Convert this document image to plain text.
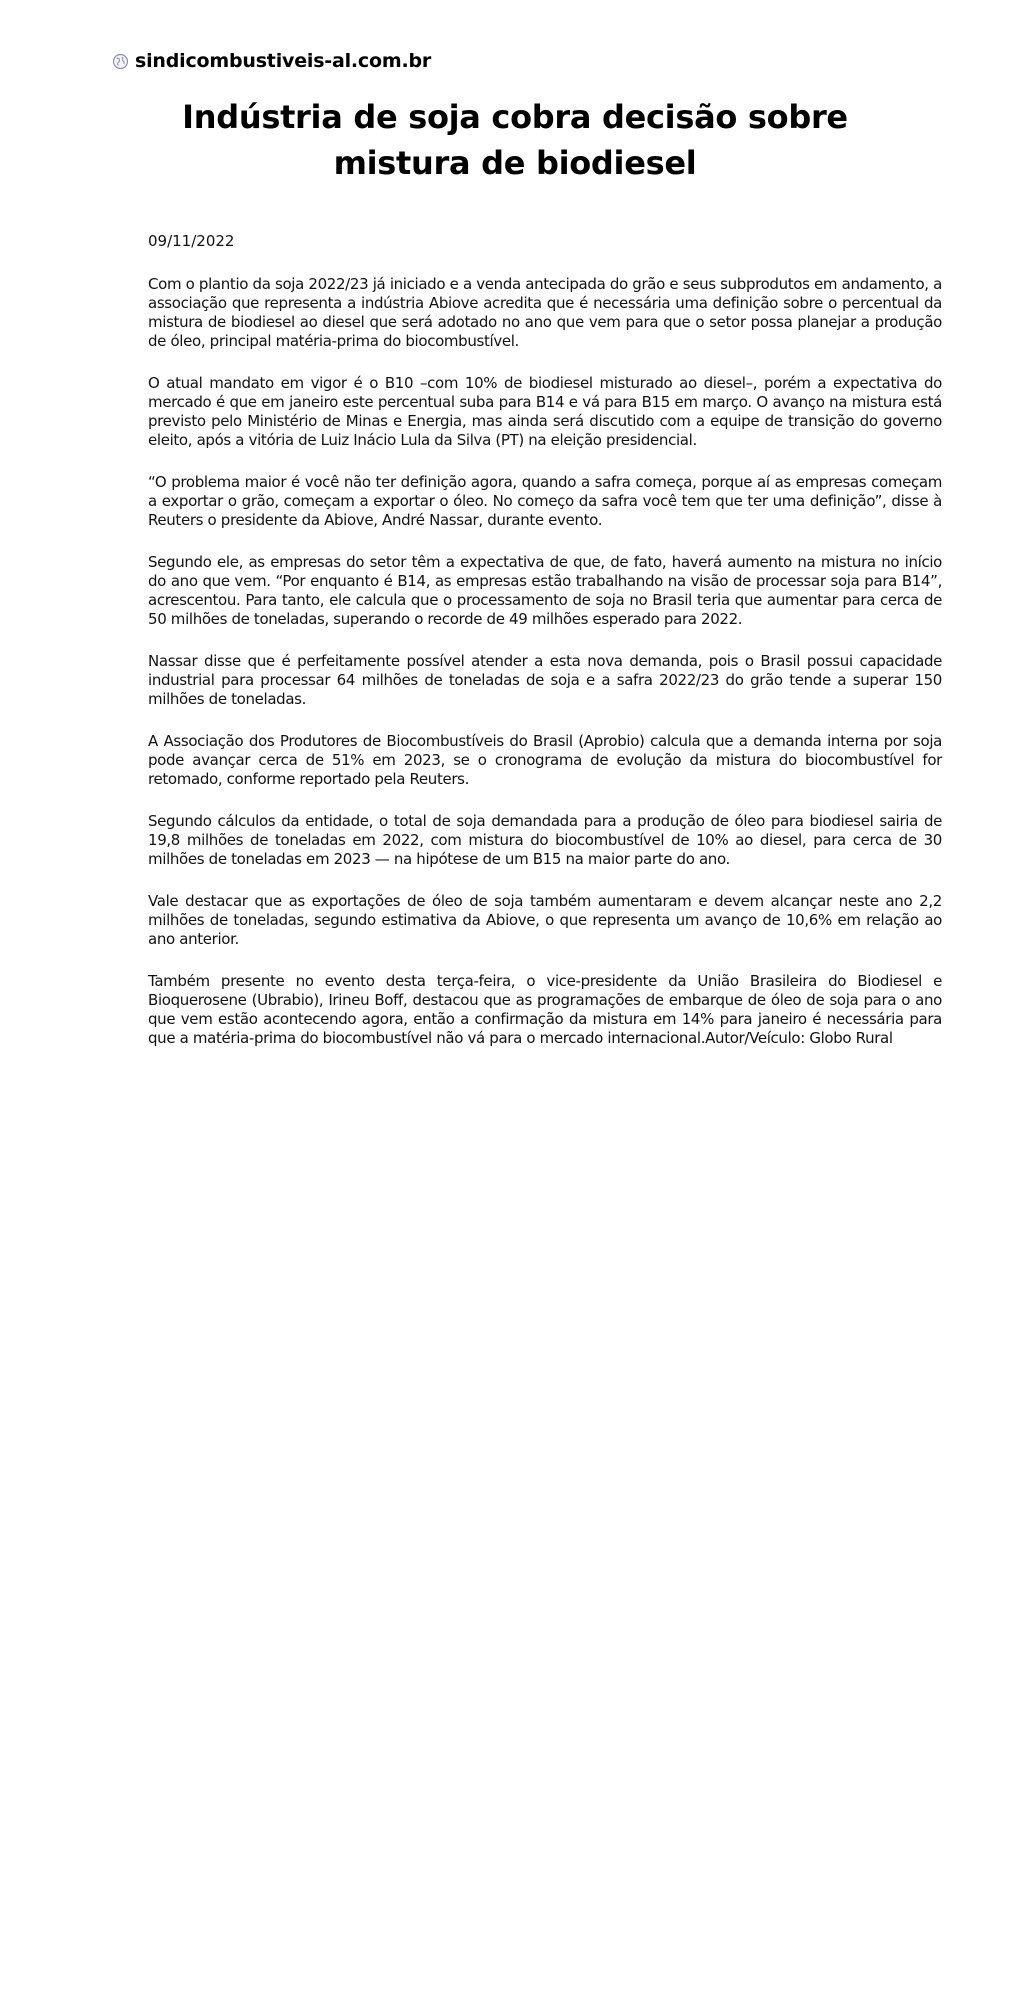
sindicombustiveis-al.com.br
Indústria de soja cobra decisão sobre mistura de biodiesel
09/11/2022

Com o plantio da soja 2022/23 já iniciado e a venda antecipada do grão e seus subprodutos em andamento, a associação que representa a indústria Abiove acredita que é necessária uma definição sobre o percentual da mistura de biodiesel ao diesel que será adotado no ano que vem para que o setor possa planejar a produção de óleo, principal matéria-prima do biocombustível.

O atual mandato em vigor é o B10 –com 10% de biodiesel misturado ao diesel–, porém a expectativa do mercado é que em janeiro este percentual suba para B14 e vá para B15 em março. O avanço na mistura está previsto pelo Ministério de Minas e Energia, mas ainda será discutido com a equipe de transição do governo eleito, após a vitória de Luiz Inácio Lula da Silva (PT) na eleição presidencial.

“O problema maior é você não ter definição agora, quando a safra começa, porque aí as empresas começam a exportar o grão, começam a exportar o óleo. No começo da safra você tem que ter uma definição”, disse à Reuters o presidente da Abiove, André Nassar, durante evento.

Segundo ele, as empresas do setor têm a expectativa de que, de fato, haverá aumento na mistura no início do ano que vem. “Por enquanto é B14, as empresas estão trabalhando na visão de processar soja para B14”, acrescentou. Para tanto, ele calcula que o processamento de soja no Brasil teria que aumentar para cerca de 50 milhões de toneladas, superando o recorde de 49 milhões esperado para 2022.

Nassar disse que é perfeitamente possível atender a esta nova demanda, pois o Brasil possui capacidade industrial para processar 64 milhões de toneladas de soja e a safra 2022/23 do grão tende a superar 150 milhões de toneladas.

A Associação dos Produtores de Biocombustíveis do Brasil (Aprobio) calcula que a demanda interna por soja pode avançar cerca de 51% em 2023, se o cronograma de evolução da mistura do biocombustível for retomado, conforme reportado pela Reuters.

Segundo cálculos da entidade, o total de soja demandada para a produção de óleo para biodiesel sairia de 19,8 milhões de toneladas em 2022, com mistura do biocombustível de 10% ao diesel, para cerca de 30 milhões de toneladas em 2023 — na hipótese de um B15 na maior parte do ano.

Vale destacar que as exportações de óleo de soja também aumentaram e devem alcançar neste ano 2,2 milhões de toneladas, segundo estimativa da Abiove, o que representa um avanço de 10,6% em relação ao ano anterior.

Também presente no evento desta terça-feira, o vice-presidente da União Brasileira do Biodiesel e Bioquerosene (Ubrabio), Irineu Boff, destacou que as programações de embarque de óleo de soja para o ano que vem estão acontecendo agora, então a confirmação da mistura em 14% para janeiro é necessária para que a matéria-prima do biocombustível não vá para o mercado internacional.Autor/Veículo: Globo Rural
